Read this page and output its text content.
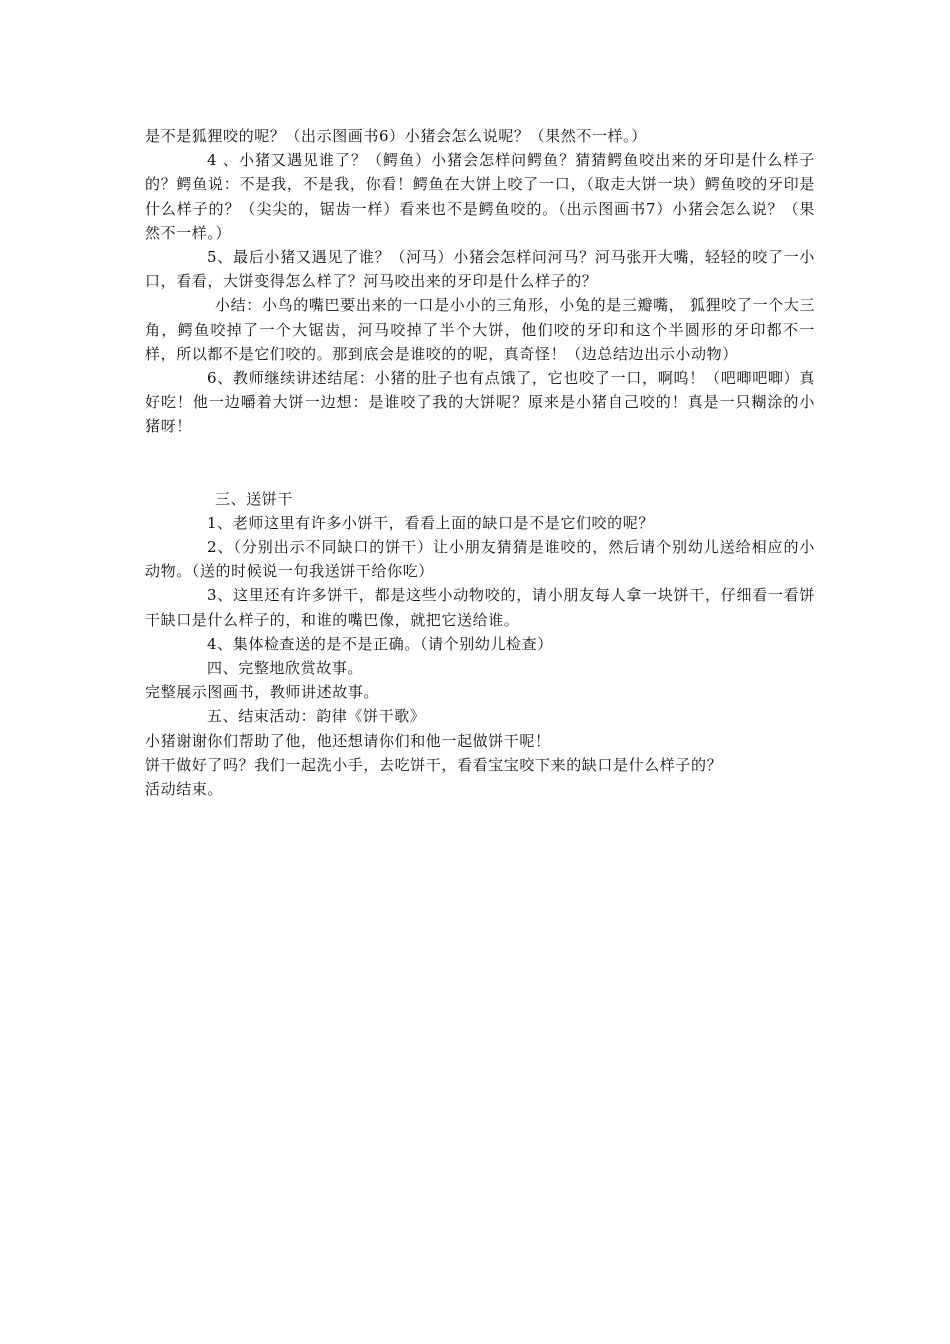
是不是狐狸咬的呢？（出示图画书6）小猪会怎么说呢？（果然不一样。）

4 、小猪又遇见谁了？（鳄鱼）小猪会怎样问鳄鱼？猜猜鳄鱼咬出来的牙印是什么样子的？鳄鱼说：不是我，不是我，你看！鳄鱼在大饼上咬了一口，（取走大饼一块）鳄鱼咬的牙印是什么样子的？（尖尖的，锯齿一样）看来也不是鳄鱼咬的。（出示图画书7）小猪会怎么说？（果然不一样。）

5、最后小猪又遇见了谁？（河马）小猪会怎样问河马？河马张开大嘴，轻轻的咬了一小口，看看，大饼变得怎么样了？河马咬出来的牙印是什么样子的？

小结：小鸟的嘴巴要出来的一口是小小的三角形，小兔的是三瓣嘴， 狐狸咬了一个大三角，鳄鱼咬掉了一个大锯齿，河马咬掉了半个大饼，他们咬的牙印和这个半圆形的牙印都不一样，所以都不是它们咬的。那到底会是谁咬的的呢，真奇怪！（边总结边出示小动物）

6、教师继续讲述结尾：小猪的肚子也有点饿了，它也咬了一口，啊呜！（吧唧吧唧）真好吃！他一边嚼着大饼一边想：是谁咬了我的大饼呢？原来是小猪自己咬的！真是一只糊涂的小猪呀！

三、送饼干

1、老师这里有许多小饼干，看看上面的缺口是不是它们咬的呢？

2、（分别出示不同缺口的饼干）让小朋友猜猜是谁咬的，然后请个别幼儿送给相应的小动物。（送的时候说一句我送饼干给你吃）

3、这里还有许多饼干，都是这些小动物咬的，请小朋友每人拿一块饼干，仔细看一看饼干缺口是什么样子的，和谁的嘴巴像，就把它送给谁。

4、集体检查送的是不是正确。（请个别幼儿检查）

四、完整地欣赏故事。

完整展示图画书，教师讲述故事。

五、结束活动：韵律《饼干歌》

小猪谢谢你们帮助了他，他还想请你们和他一起做饼干呢！

饼干做好了吗？我们一起洗小手，去吃饼干，看看宝宝咬下来的缺口是什么样子的？

活动结束。
